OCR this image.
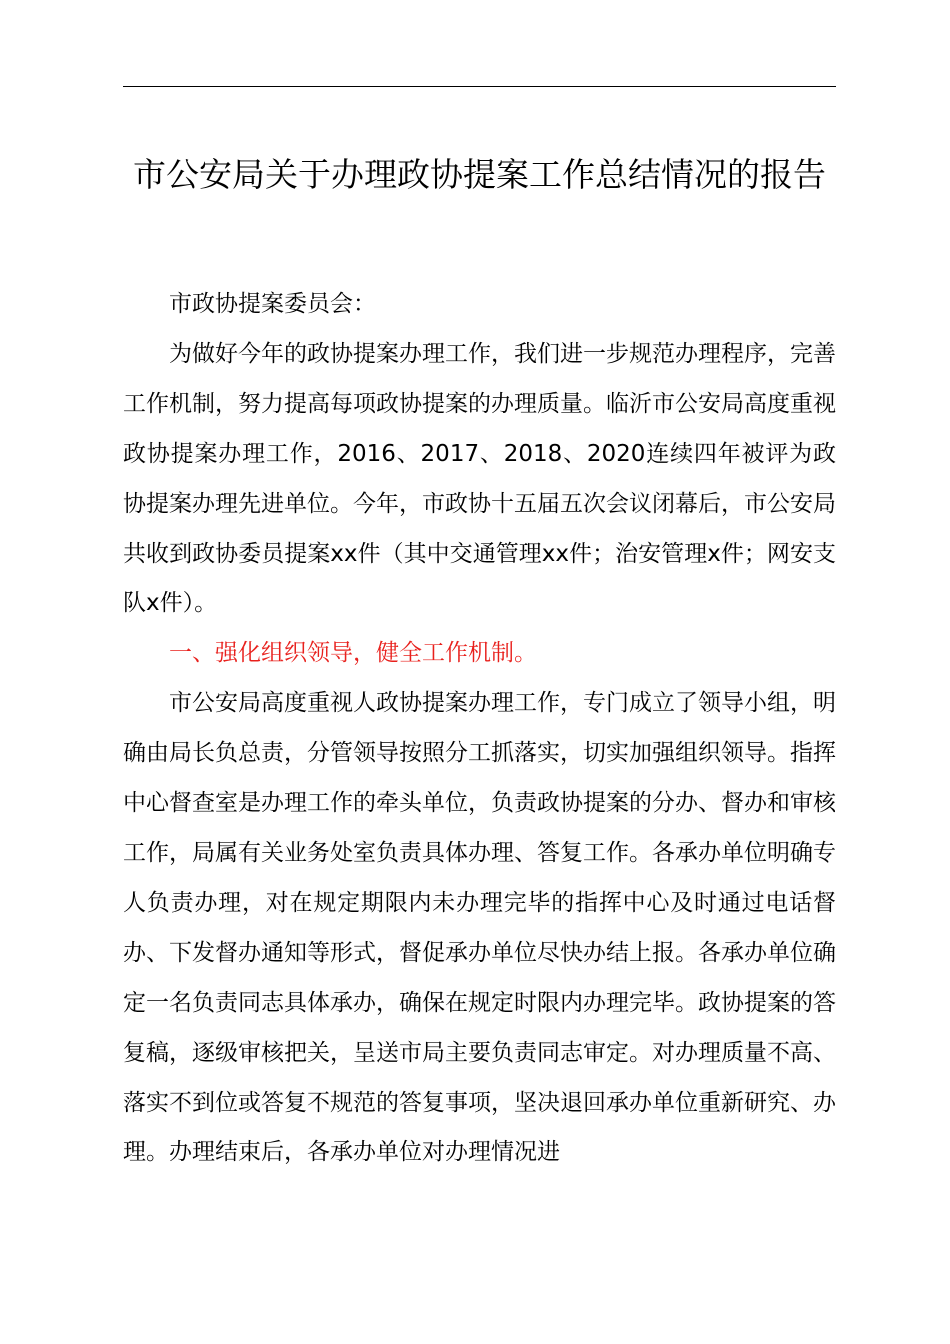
市公安局关于办理政协提案工作总结情况的报告

市政协提案委员会：

为做好今年的政协提案办理工作，我们进一步规范办理程序，完善工作机制，努力提高每项政协提案的办理质量。临沂市公安局高度重视政协提案办理工作，2016、2017、2018、2020连续四年被评为政协提案办理先进单位。今年，市政协十五届五次会议闭幕后，市公安局共收到政协委员提案xx件（其中交通管理xx件；治安管理x件；网安支队x件）。

一、强化组织领导，健全工作机制。

市公安局高度重视人政协提案办理工作，专门成立了领导小组，明确由局长负总责，分管领导按照分工抓落实，切实加强组织领导。指挥中心督查室是办理工作的牵头单位，负责政协提案的分办、督办和审核工作，局属有关业务处室负责具体办理、答复工作。各承办单位明确专人负责办理，对在规定期限内未办理完毕的指挥中心及时通过电话督办、下发督办通知等形式，督促承办单位尽快办结上报。各承办单位确定一名负责同志具体承办，确保在规定时限内办理完毕。政协提案的答复稿，逐级审核把关，呈送市局主要负责同志审定。对办理质量不高、落实不到位或答复不规范的答复事项，坚决退回承办单位重新研究、办理。办理结束后，各承办单位对办理情况进
